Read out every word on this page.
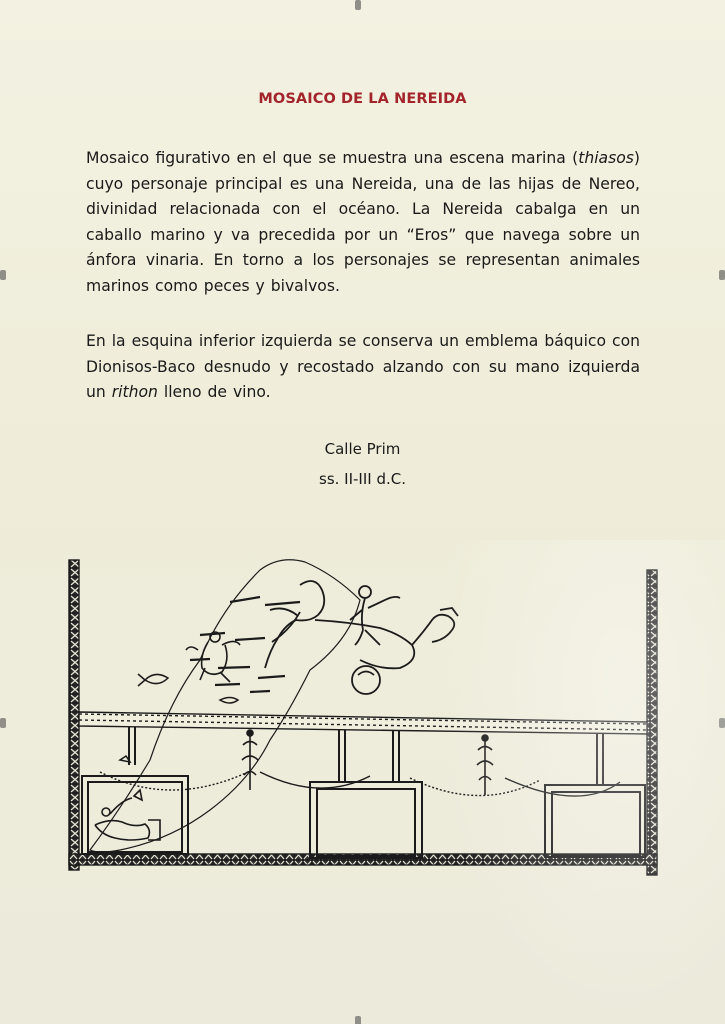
MOSAICO DE LA NEREIDA

Mosaico figurativo en el que se muestra una escena marina (thiasos) cuyo personaje principal es una Nereida, una de las hijas de Nereo, divinidad relacionada con el océano. La Nereida cabalga en un caballo marino y va precedida por un “Eros” que navega sobre un ánfora vinaria. En torno a los personajes se representan animales marinos como peces y bivalvos.

En la esquina inferior izquierda se conserva un emblema báquico con Dionisos-Baco desnudo y recostado alzando con su mano izquierda un rithon lleno de vino.

Calle Prim
ss. II-III d.C.
